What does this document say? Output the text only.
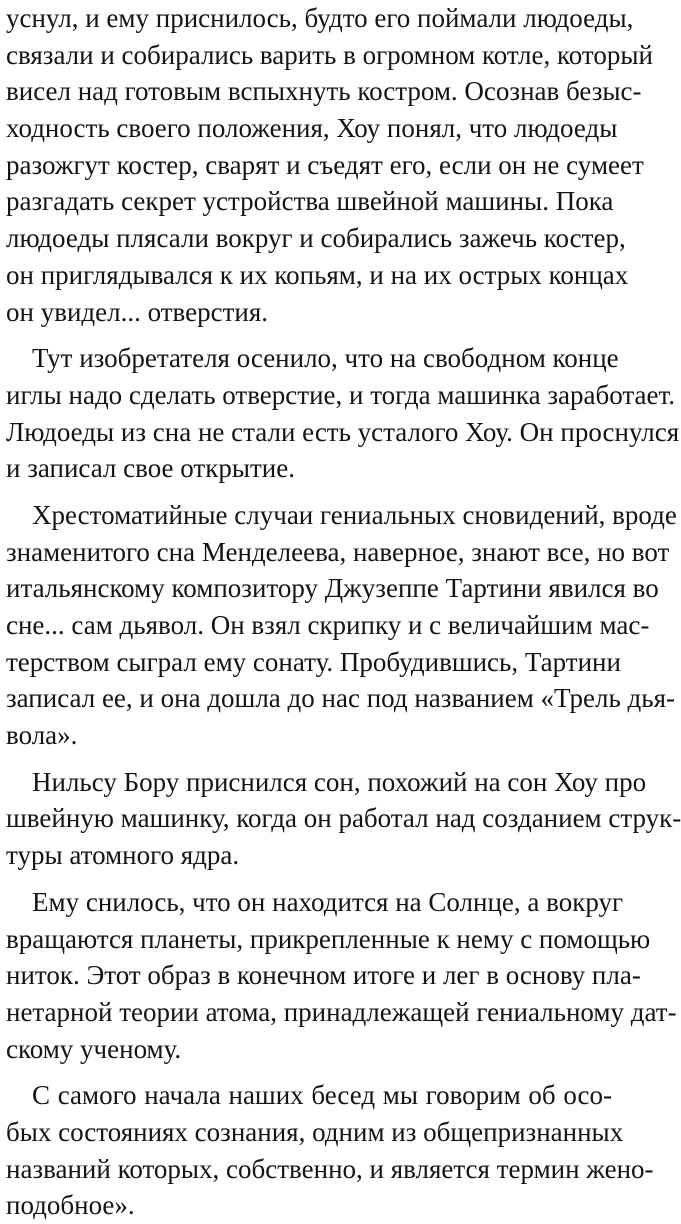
уснул, и ему приснилось, будто его поймали людоеды,
связали и собирались варить в огромном котле, который
висел над готовым вспыхнуть костром. Осознав безыс-
ходность своего положения, Хоу понял, что людоеды
разожгут костер, сварят и съедят его, если он не сумеет
разгадать секрет устройства швейной машины. Пока
людоеды плясали вокруг и собирались зажечь костер,
он приглядывался к их копьям, и на их острых концах
он увидел... отверстия.
Тут изобретателя осенило, что на свободном конце
иглы надо сделать отверстие, и тогда машинка заработает.
Людоеды из сна не стали есть усталого Хоу. Он проснулся
и записал свое открытие.
Хрестоматийные случаи гениальных сновидений, вроде
знаменитого сна Менделеева, наверное, знают все, но вот
итальянскому композитору Джузеппе Тартини явился во
сне... сам дьявол. Он взял скрипку и с величайшим мас-
терством сыграл ему сонату. Пробудившись, Тартини
записал ее, и она дошла до нас под названием «Трель дья-
вола».
Нильсу Бору приснился сон, похожий на сон Хоу про
швейную машинку, когда он работал над созданием струк-
туры атомного ядра.
Ему снилось, что он находится на Солнце, а вокруг
вращаются планеты, прикрепленные к нему с помощью
ниток. Этот образ в конечном итоге и лег в основу пла-
нетарной теории атома, принадлежащей гениальному дат-
скому ученому.
С самого начала наших бесед мы говорим об осо-
бых состояниях сознания, одним из общепризнанных
названий которых, собственно, и является термин жено-
подобное».
